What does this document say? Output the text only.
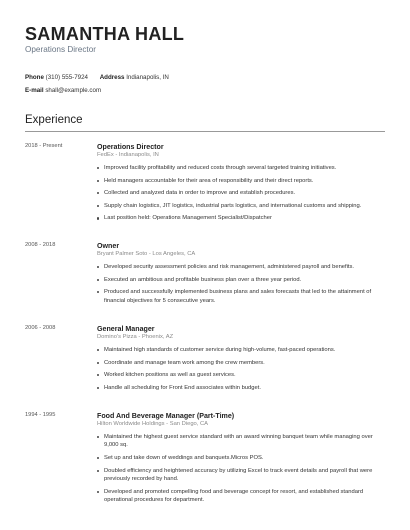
SAMANTHA HALL
Operations Director
Phone (310) 555-7924 Address Indianapolis, IN
E-mail shall@example.com
Experience
2018 - Present	Operations Director
FedEx - Indianapolis, IN
Improved facility profitability and reduced costs through several targeted training initiatives.
Held managers accountable for their area of responsibility and their direct reports.
Collected and analyzed data in order to improve and establish procedures.
Supply chain logistics, JIT logistics, industrial parts logistics, and international customs and shipping.
Last position held: Operations Management Specialist/Dispatcher
2008 - 2018	Owner
Bryant Palmer Soto - Los Angeles, CA
Developed security assessment policies and risk management, administered payroll and benefits.
Executed an ambitious and profitable business plan over a three year period.
Produced and successfully implemented business plans and sales forecasts that led to the attainment of financial objectives for 5 consecutive years.
2006 - 2008	General Manager
Domino's Pizza - Phoenix, AZ
Maintained high standards of customer service during high-volume, fast-paced operations.
Coordinate and manage team work among the crew members.
Worked kitchen positions as well as guest services.
Handle all scheduling for Front End associates within budget.
1994 - 1995	Food And Beverage Manager (Part-Time)
Hilton Worldwide Holdings - San Diego, CA
Maintained the highest guest service standard with an award winning banquet team while managing over 9,000 sq.
Set up and take down of weddings and banquets.Micros POS.
Doubled efficiency and heightened accuracy by utilizing Excel to track event details and payroll that were previously recorded by hand.
Developed and promoted compelling food and beverage concept for resort, and established standard operational procedures for department.
